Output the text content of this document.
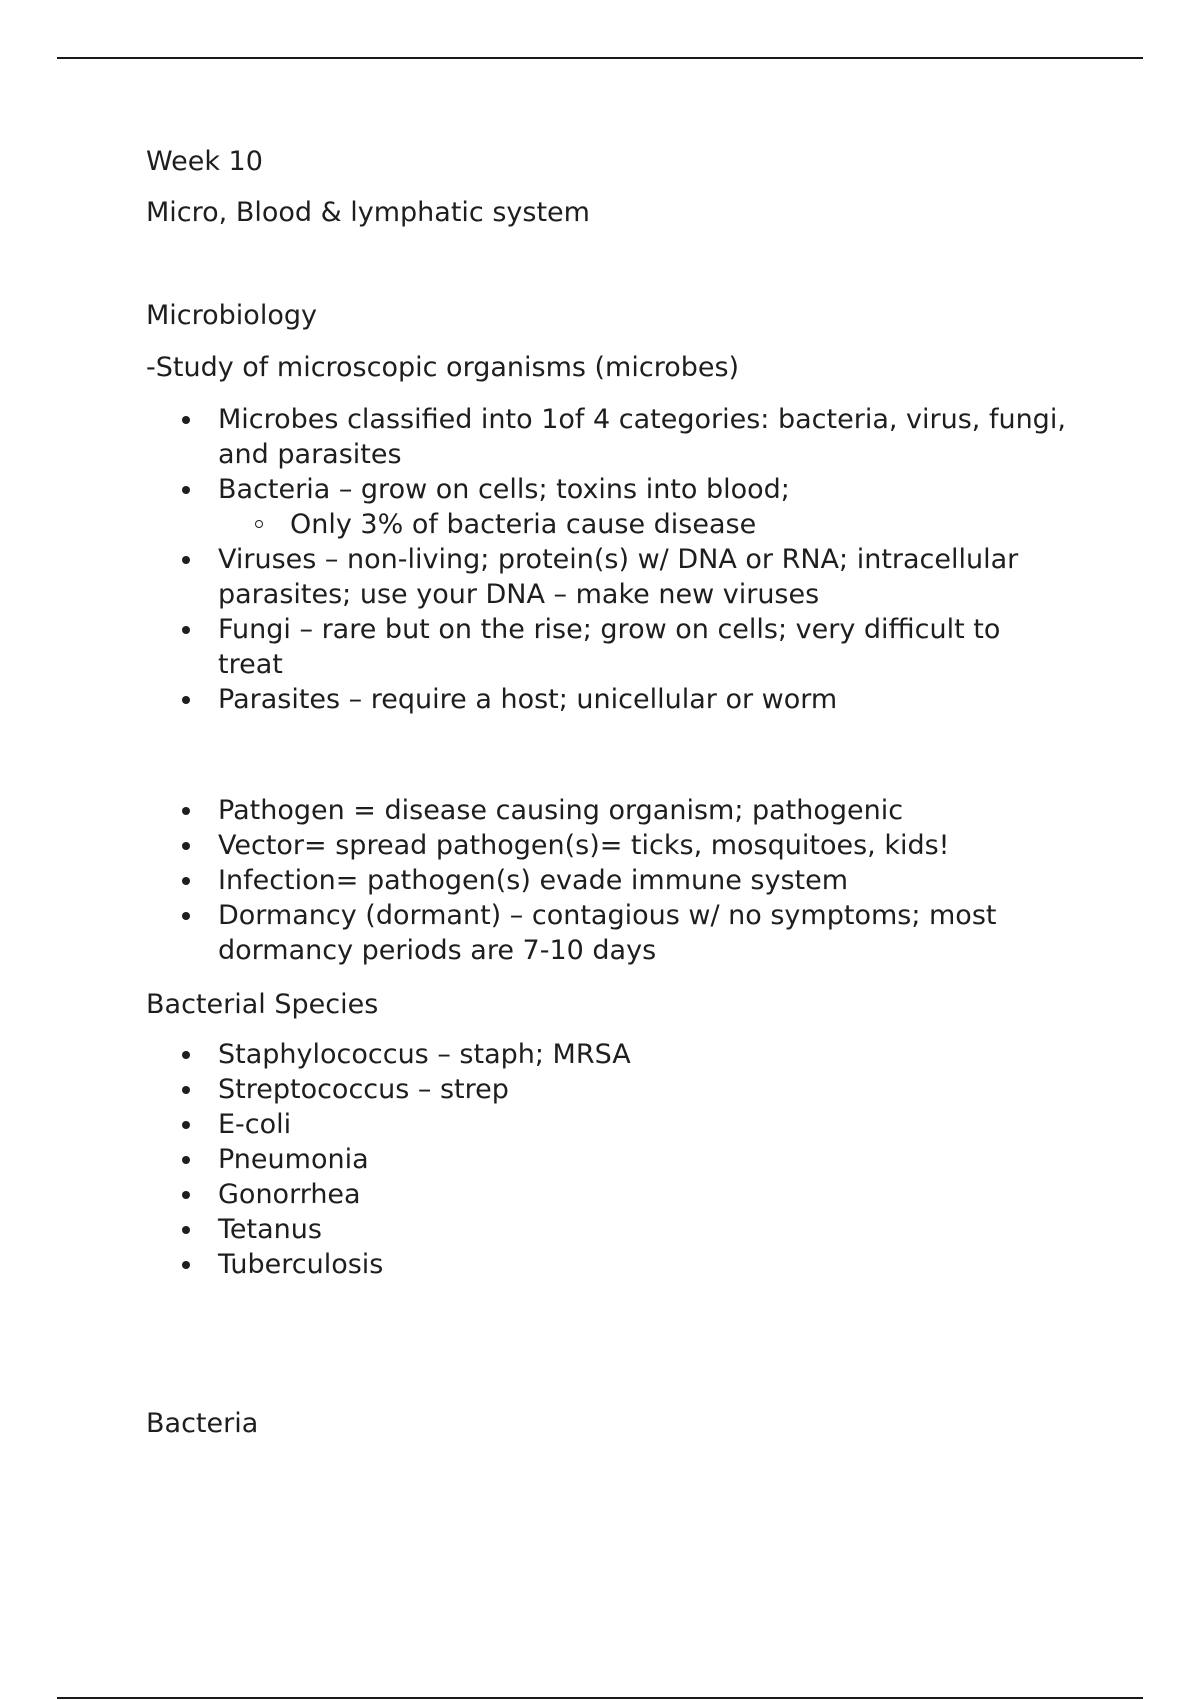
Week 10

Micro, Blood & lymphatic system

Microbiology

-Study of microscopic organisms (microbes)

Microbes classified into 1of 4 categories: bacteria, virus, fungi, and parasites
Bacteria – grow on cells; toxins into blood;
Only 3% of bacteria cause disease
Viruses – non-living; protein(s) w/ DNA or RNA; intracellular parasites; use your DNA – make new viruses
Fungi – rare but on the rise; grow on cells; very difficult to treat
Parasites – require a host; unicellular or worm
Pathogen = disease causing organism; pathogenic
Vector= spread pathogen(s)= ticks, mosquitoes, kids!
Infection= pathogen(s) evade immune system
Dormancy (dormant) – contagious w/ no symptoms; most dormancy periods are 7-10 days

Bacterial Species

Staphylococcus – staph; MRSA
Streptococcus – strep
E-coli
Pneumonia
Gonorrhea
Tetanus
Tuberculosis

Bacteria
